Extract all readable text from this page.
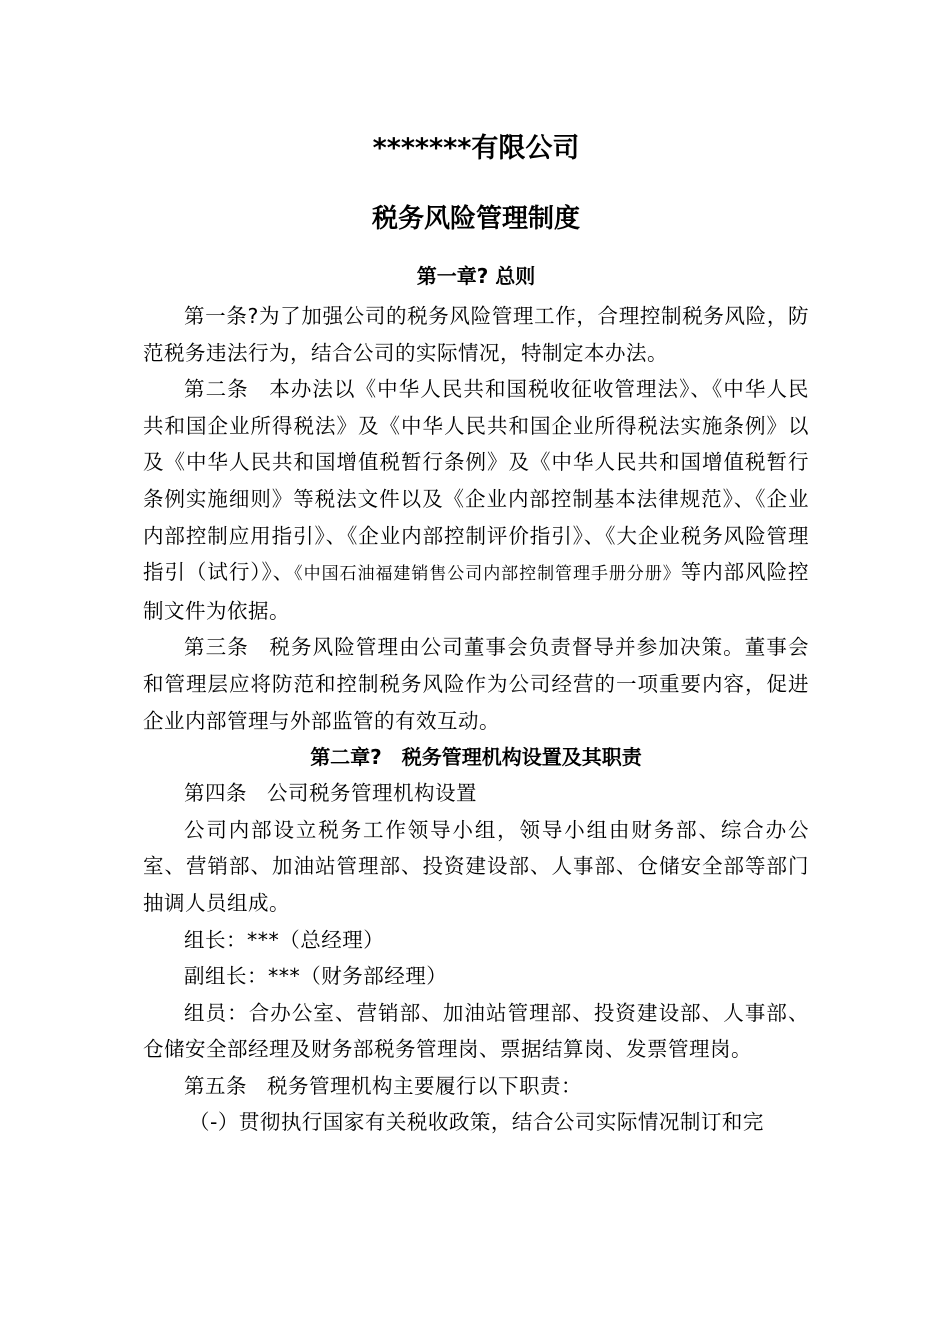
*******有限公司
税务风险管理制度
第一章? 总则

第一条?为了加强公司的税务风险管理工作，合理控制税务风险，防范税务违法行为，结合公司的实际情况，特制定本办法。

第二条 本办法以《中华人民共和国税收征收管理法》、《中华人民共和国企业所得税法》及《中华人民共和国企业所得税法实施条例》以及《中华人民共和国增值税暂行条例》及《中华人民共和国增值税暂行条例实施细则》等税法文件以及《企业内部控制基本法律规范》、《企业内部控制应用指引》、《企业内部控制评价指引》、《大企业税务风险管理指引（试行）》、《中国石油福建销售公司内部控制管理手册分册》等内部风险控制文件为依据。

第三条 税务风险管理由公司董事会负责督导并参加决策。董事会和管理层应将防范和控制税务风险作为公司经营的一项重要内容，促进企业内部管理与外部监管的有效互动。

第二章?　税务管理机构设置及其职责

第四条 公司税务管理机构设置

公司内部设立税务工作领导小组，领导小组由财务部、综合办公室、营销部、加油站管理部、投资建设部、人事部、仓储安全部等部门抽调人员组成。

组长：***（总经理）

副组长：***（财务部经理）

组员：合办公室、营销部、加油站管理部、投资建设部、人事部、仓储安全部经理及财务部税务管理岗、票据结算岗、发票管理岗。

第五条 税务管理机构主要履行以下职责：

（-）贯彻执行国家有关税收政策，结合公司实际情况制订和完
